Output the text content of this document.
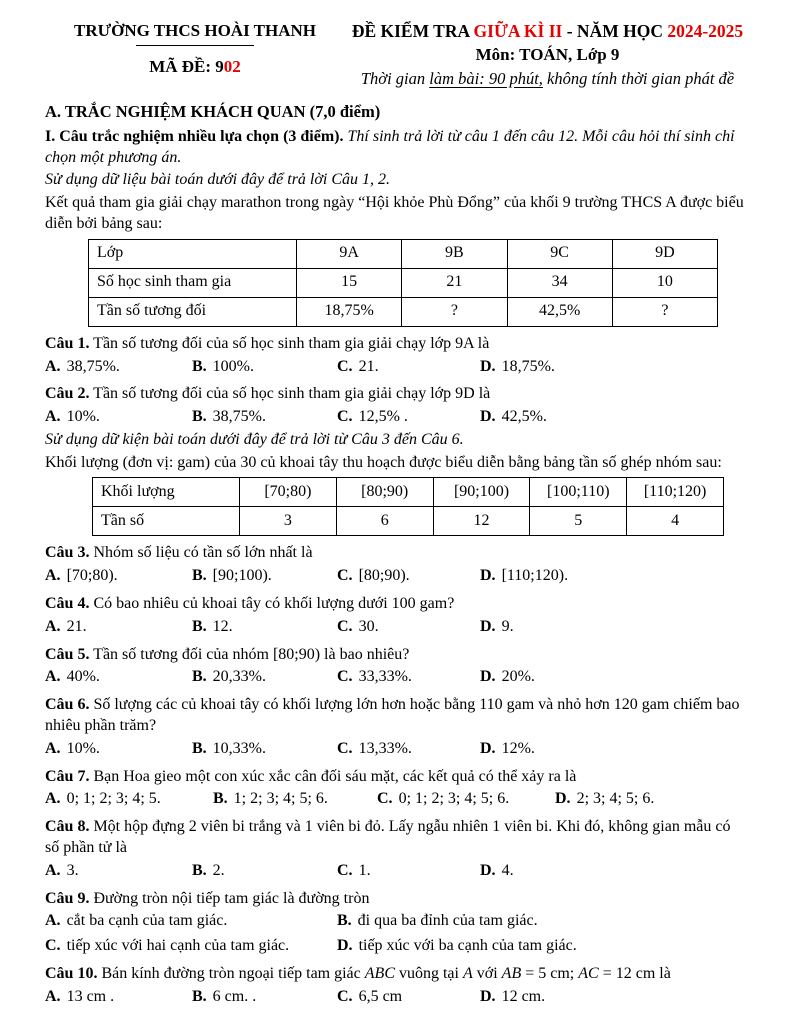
TRƯỜNG THCS HOÀI THANH
MÃ ĐỀ: 902
ĐỀ KIỂM TRA GIỮA KÌ II - NĂM HỌC 2024-2025
Môn: TOÁN, Lớp 9
Thời gian làm bài: 90 phút, không tính thời gian phát đề
A. TRẮC NGHIỆM KHÁCH QUAN (7,0 điểm)

I. Câu trắc nghiệm nhiều lựa chọn (3 điểm). Thí sinh trả lời từ câu 1 đến câu 12. Mỗi câu hỏi thí sinh chỉ chọn một phương án.

Sử dụng dữ liệu bài toán dưới đây để trả lời Câu 1, 2.

Kết quả tham gia giải chạy marathon trong ngày “Hội khỏe Phù Đổng” của khối 9 trường THCS A được biểu diễn bởi bảng sau:

Lớp	9A	9B	9C	9D
Số học sinh tham gia	15	21	34	10
Tần số tương đối	18,75%	?	42,5%	?

Câu 1. Tần số tương đối của số học sinh tham gia giải chạy lớp 9A là

A. 38,75%.	B. 100%.	C. 21.	D. 18,75%.

Câu 2. Tần số tương đối của số học sinh tham gia giải chạy lớp 9D là

A. 10%.	B. 38,75%.	C. 12,5% .	D. 42,5%.

Sử dụng dữ kiện bài toán dưới đây để trả lời từ Câu 3 đến Câu 6.

Khối lượng (đơn vị: gam) của 30 củ khoai tây thu hoạch được biểu diễn bằng bảng tần số ghép nhóm sau:

Khối lượng	[70;80)	[80;90)	[90;100)	[100;110)	[110;120)
Tần số	3	6	12	5	4

Câu 3. Nhóm số liệu có tần số lớn nhất là

A. [70;80).	B. [90;100).	C. [80;90).	D. [110;120).

Câu 4. Có bao nhiêu củ khoai tây có khối lượng dưới 100 gam?

A. 21.	B. 12.	C. 30.	D. 9.

Câu 5. Tần số tương đối của nhóm [80;90) là bao nhiêu?

A. 40%.	B. 20,33%.	C. 33,33%.	D. 20%.

Câu 6. Số lượng các củ khoai tây có khối lượng lớn hơn hoặc bằng 110 gam và nhỏ hơn 120 gam chiếm bao nhiêu phần trăm?

A. 10%.	B. 10,33%.	C. 13,33%.	D. 12%.

Câu 7. Bạn Hoa gieo một con xúc xắc cân đối sáu mặt, các kết quả có thể xảy ra là

A. 0; 1; 2; 3; 4; 5.	B. 1; 2; 3; 4; 5; 6.	C. 0; 1; 2; 3; 4; 5; 6.	D. 2; 3; 4; 5; 6.

Câu 8. Một hộp đựng 2 viên bi trắng và 1 viên bi đỏ. Lấy ngẫu nhiên 1 viên bi. Khi đó, không gian mẫu có số phần tử là

A. 3.	B. 2.	C. 1.	D. 4.

Câu 9. Đường tròn nội tiếp tam giác là đường tròn

A. cắt ba cạnh của tam giác.	B. đi qua ba đỉnh của tam giác.
C. tiếp xúc với hai cạnh của tam giác.	D. tiếp xúc với ba cạnh của tam giác.

Câu 10. Bán kính đường tròn ngoại tiếp tam giác ABC vuông tại A với AB = 5 cm; AC = 12 cm là

A. 13 cm .	B. 6 cm. .	C. 6,5 cm	D. 12 cm.
